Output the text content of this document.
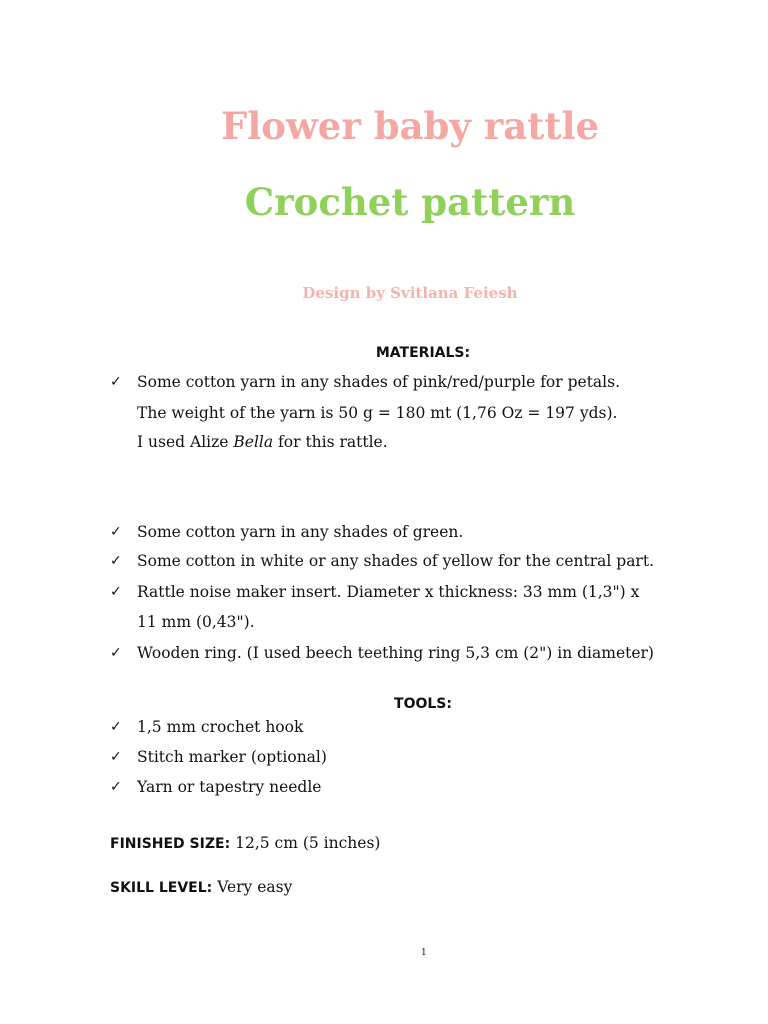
Flower baby rattle
Crochet pattern
Design by Svitlana Feiesh
MATERIALS:
✓ Some cotton yarn in any shades of pink/red/purple for petals.
The weight of the yarn is 50 g = 180 mt (1,76 Oz = 197 yds).
I used Alize Bella for this rattle.
✓ Some cotton yarn in any shades of green.
✓ Some cotton in white or any shades of yellow for the central part.
✓ Rattle noise maker insert. Diameter x thickness: 33 mm (1,3") x
11 mm (0,43").
✓ Wooden ring. (I used beech teething ring 5,3 cm (2") in diameter)
TOOLS:
✓ 1,5 mm crochet hook
✓ Stitch marker (optional)
✓ Yarn or tapestry needle
FINISHED SIZE: 12,5 cm (5 inches)
SKILL LEVEL: Very easy
1
